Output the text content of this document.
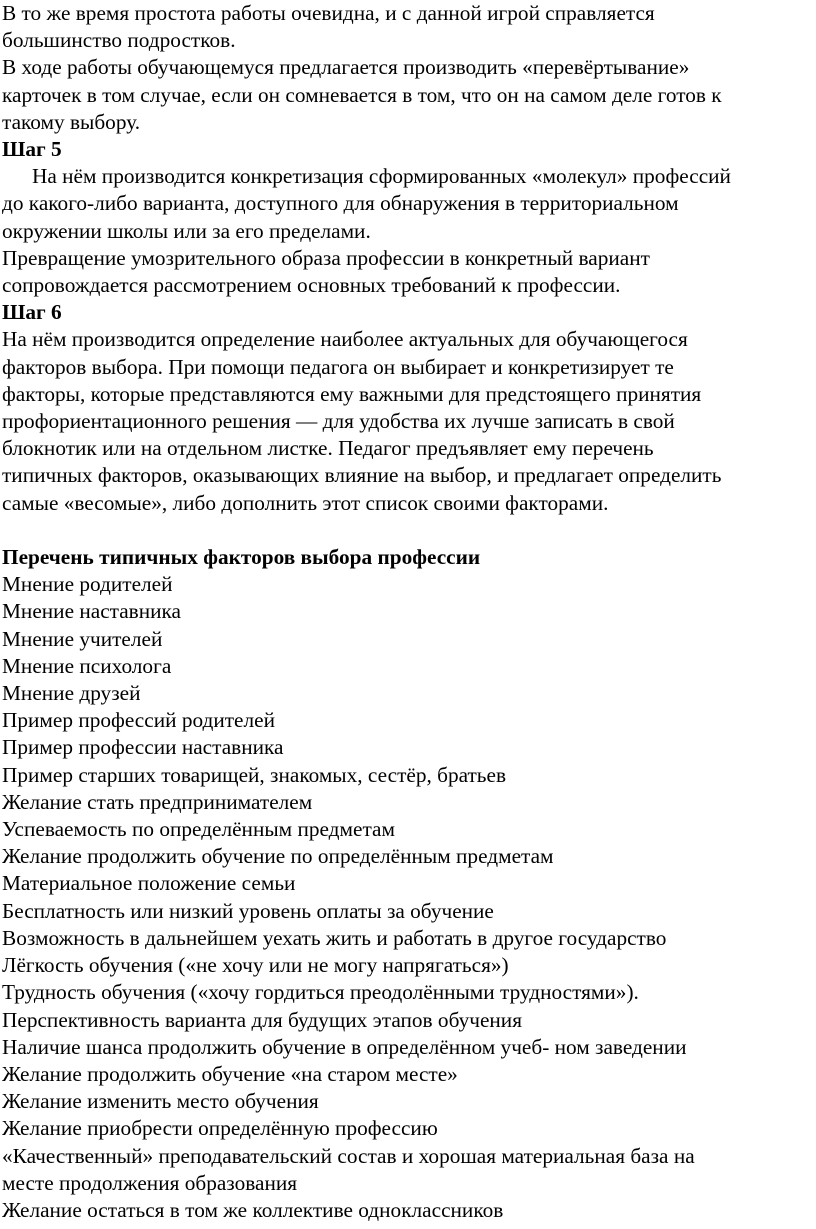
В то же время простота работы очевидна, и с данной игрой справляется

большинство подростков.

В ходе работы обучающемуся предлагается производить «перевёртывание»

карточек в том случае, если он сомневается в том, что он на самом деле готов к

такому выбору.

Шаг 5

На нём производится конкретизация сформированных «молекул» профессий

до какого-либо варианта, доступного для обнаружения в территориальном

окружении школы или за его пределами.

Превращение умозрительного образа профессии в конкретный вариант

сопровождается рассмотрением основных требований к профессии.

Шаг 6

На нём производится определение наиболее актуальных для обучающегося

факторов выбора. При помощи педагога он выбирает и конкретизирует те

факторы, которые представляются ему важными для предстоящего принятия

профориентационного решения — для удобства их лучше записать в свой

блокнотик или на отдельном листке. Педагог предъявляет ему перечень

типичных факторов, оказывающих влияние на выбор, и предлагает определить

самые «весомые», либо дополнить этот список своими факторами.

Перечень типичных факторов выбора профессии

Мнение родителей

Мнение наставника

Мнение учителей

Мнение психолога

Мнение друзей

Пример профессий родителей

Пример профессии наставника

Пример старших товарищей, знакомых, сестёр, братьев

Желание стать предпринимателем

Успеваемость по определённым предметам

Желание продолжить обучение по определённым предметам

Материальное положение семьи

Бесплатность или низкий уровень оплаты за обучение

Возможность в дальнейшем уехать жить и работать в другое государство

Лёгкость обучения («не хочу или не могу напрягаться»)

Трудность обучения («хочу гордиться преодолёнными трудностями»).

Перспективность варианта для будущих этапов обучения

Наличие шанса продолжить обучение в определённом учеб- ном заведении

Желание продолжить обучение «на старом месте»

Желание изменить место обучения

Желание приобрести определённую профессию

«Качественный» преподавательский состав и хорошая материальная база на

месте продолжения образования

Желание остаться в том же коллективе одноклассников
